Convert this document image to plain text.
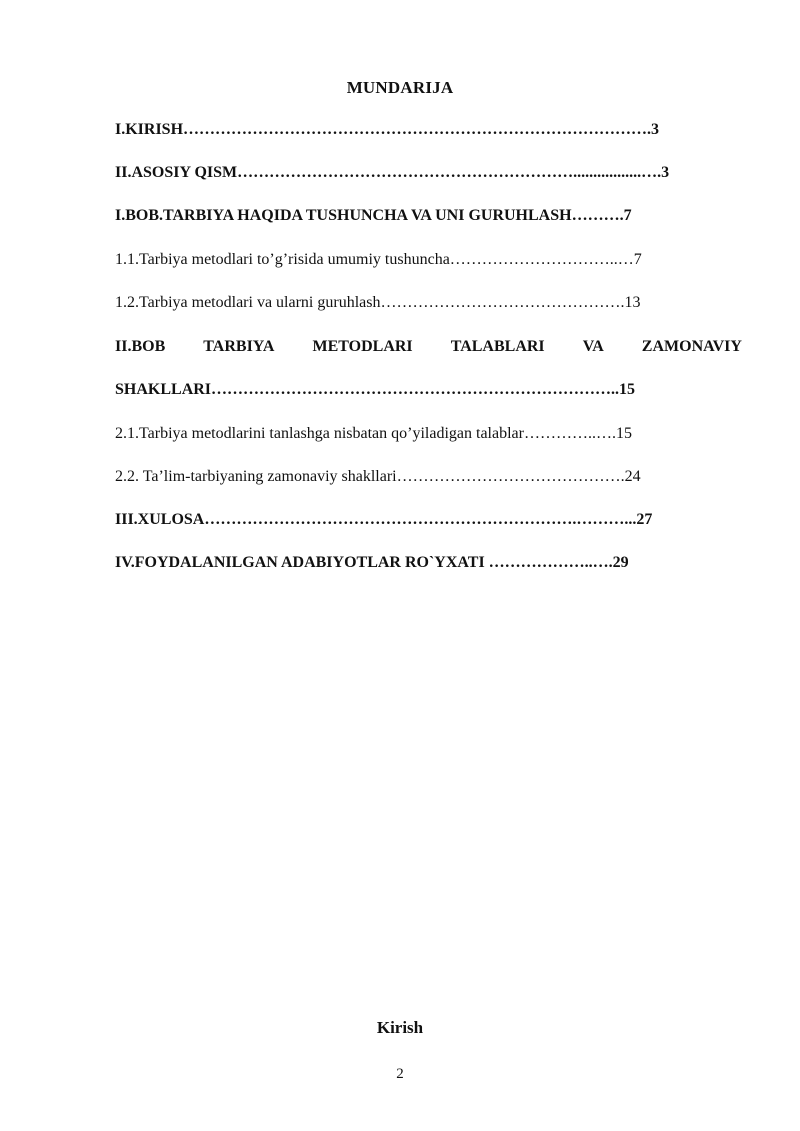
MUNDARIJA
I.KIRISH…………………………………………………………………………….3
II.ASOSIY QISM……………………………………………………….................….3
I.BOB.TARBIYA HAQIDA TUSHUNCHA VA UNI GURUHLASH……….7
1.1.Tarbiya metodlari to’g’risida umumiy tushuncha…………………………..…7
1.2.Tarbiya metodlari va ularni guruhlash……………………………………….13
II.BOB TARBIYA METODLARI TALABLARI VA ZAMONAVIY
SHAKLLARI…………………………………………………………………..15
2.1.Tarbiya metodlarini tanlashga nisbatan qo’yiladigan talablar…………..….15
2.2. Ta’lim-tarbiyaning zamonaviy shakllari…………………………………….24
III.XULOSA…………………………………………………………….………...27
IV.FOYDALANILGAN ADABIYOTLAR RO`YXATI ………………..….29
Kirish
2
